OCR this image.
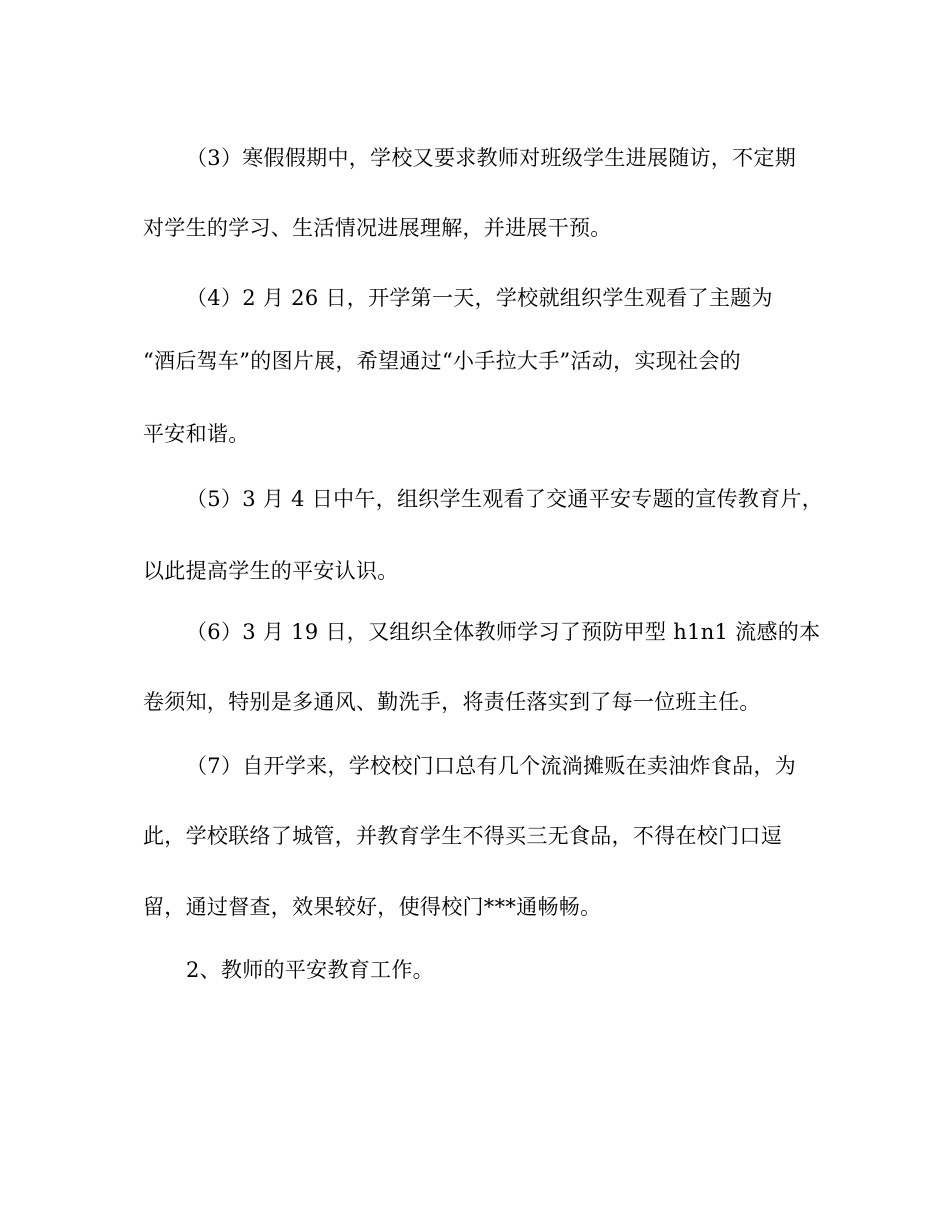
（3）寒假假期中，学校又要求教师对班级学生进展随访，不定期
对学生的学习、生活情况进展理解，并进展干预。
（4）2 月 26 日，开学第一天，学校就组织学生观看了主题为
“酒后驾车”的图片展，希望通过“小手拉大手”活动，实现社会的
平安和谐。
（5）3 月 4 日中午，组织学生观看了交通平安专题的宣传教育片，
以此提高学生的平安认识。
（6）3 月 19 日，又组织全体教师学习了预防甲型 h1n1 流感的本
卷须知，特别是多通风、勤洗手，将责任落实到了每一位班主任。
（7）自开学来，学校校门口总有几个流淌摊贩在卖油炸食品，为
此，学校联络了城管，并教育学生不得买三无食品，不得在校门口逗
留，通过督查，效果较好，使得校门***通畅畅。
2、教师的平安教育工作。
